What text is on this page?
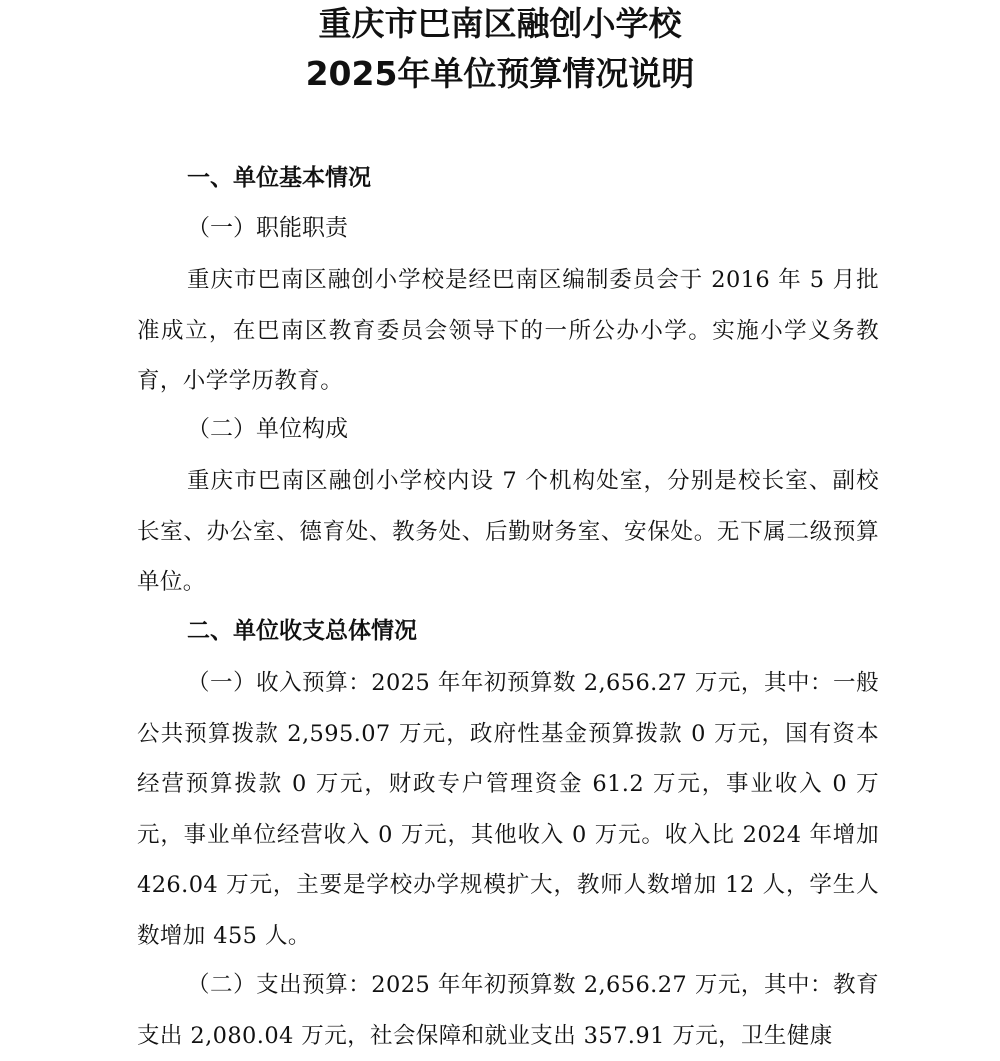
重庆市巴南区融创小学校
2025年单位预算情况说明
一、单位基本情况
（一）职能职责
重庆市巴南区融创小学校是经巴南区编制委员会于 2016 年 5 月批准成立，在巴南区教育委员会领导下的一所公办小学。实施小学义务教育，小学学历教育。
（二）单位构成
重庆市巴南区融创小学校内设 7 个机构处室，分别是校长室、副校长室、办公室、德育处、教务处、后勤财务室、安保处。无下属二级预算单位。
二、单位收支总体情况
（一）收入预算：2025 年年初预算数 2,656.27 万元，其中：一般公共预算拨款 2,595.07 万元，政府性基金预算拨款 0 万元，国有资本经营预算拨款 0 万元，财政专户管理资金 61.2 万元，事业收入 0 万元，事业单位经营收入 0 万元，其他收入 0 万元。收入比 2024 年增加 426.04 万元，主要是学校办学规模扩大，教师人数增加 12 人，学生人数增加 455 人。
（二）支出预算：2025 年年初预算数 2,656.27 万元，其中：教育支出 2,080.04 万元，社会保障和就业支出 357.91 万元，卫生健康
